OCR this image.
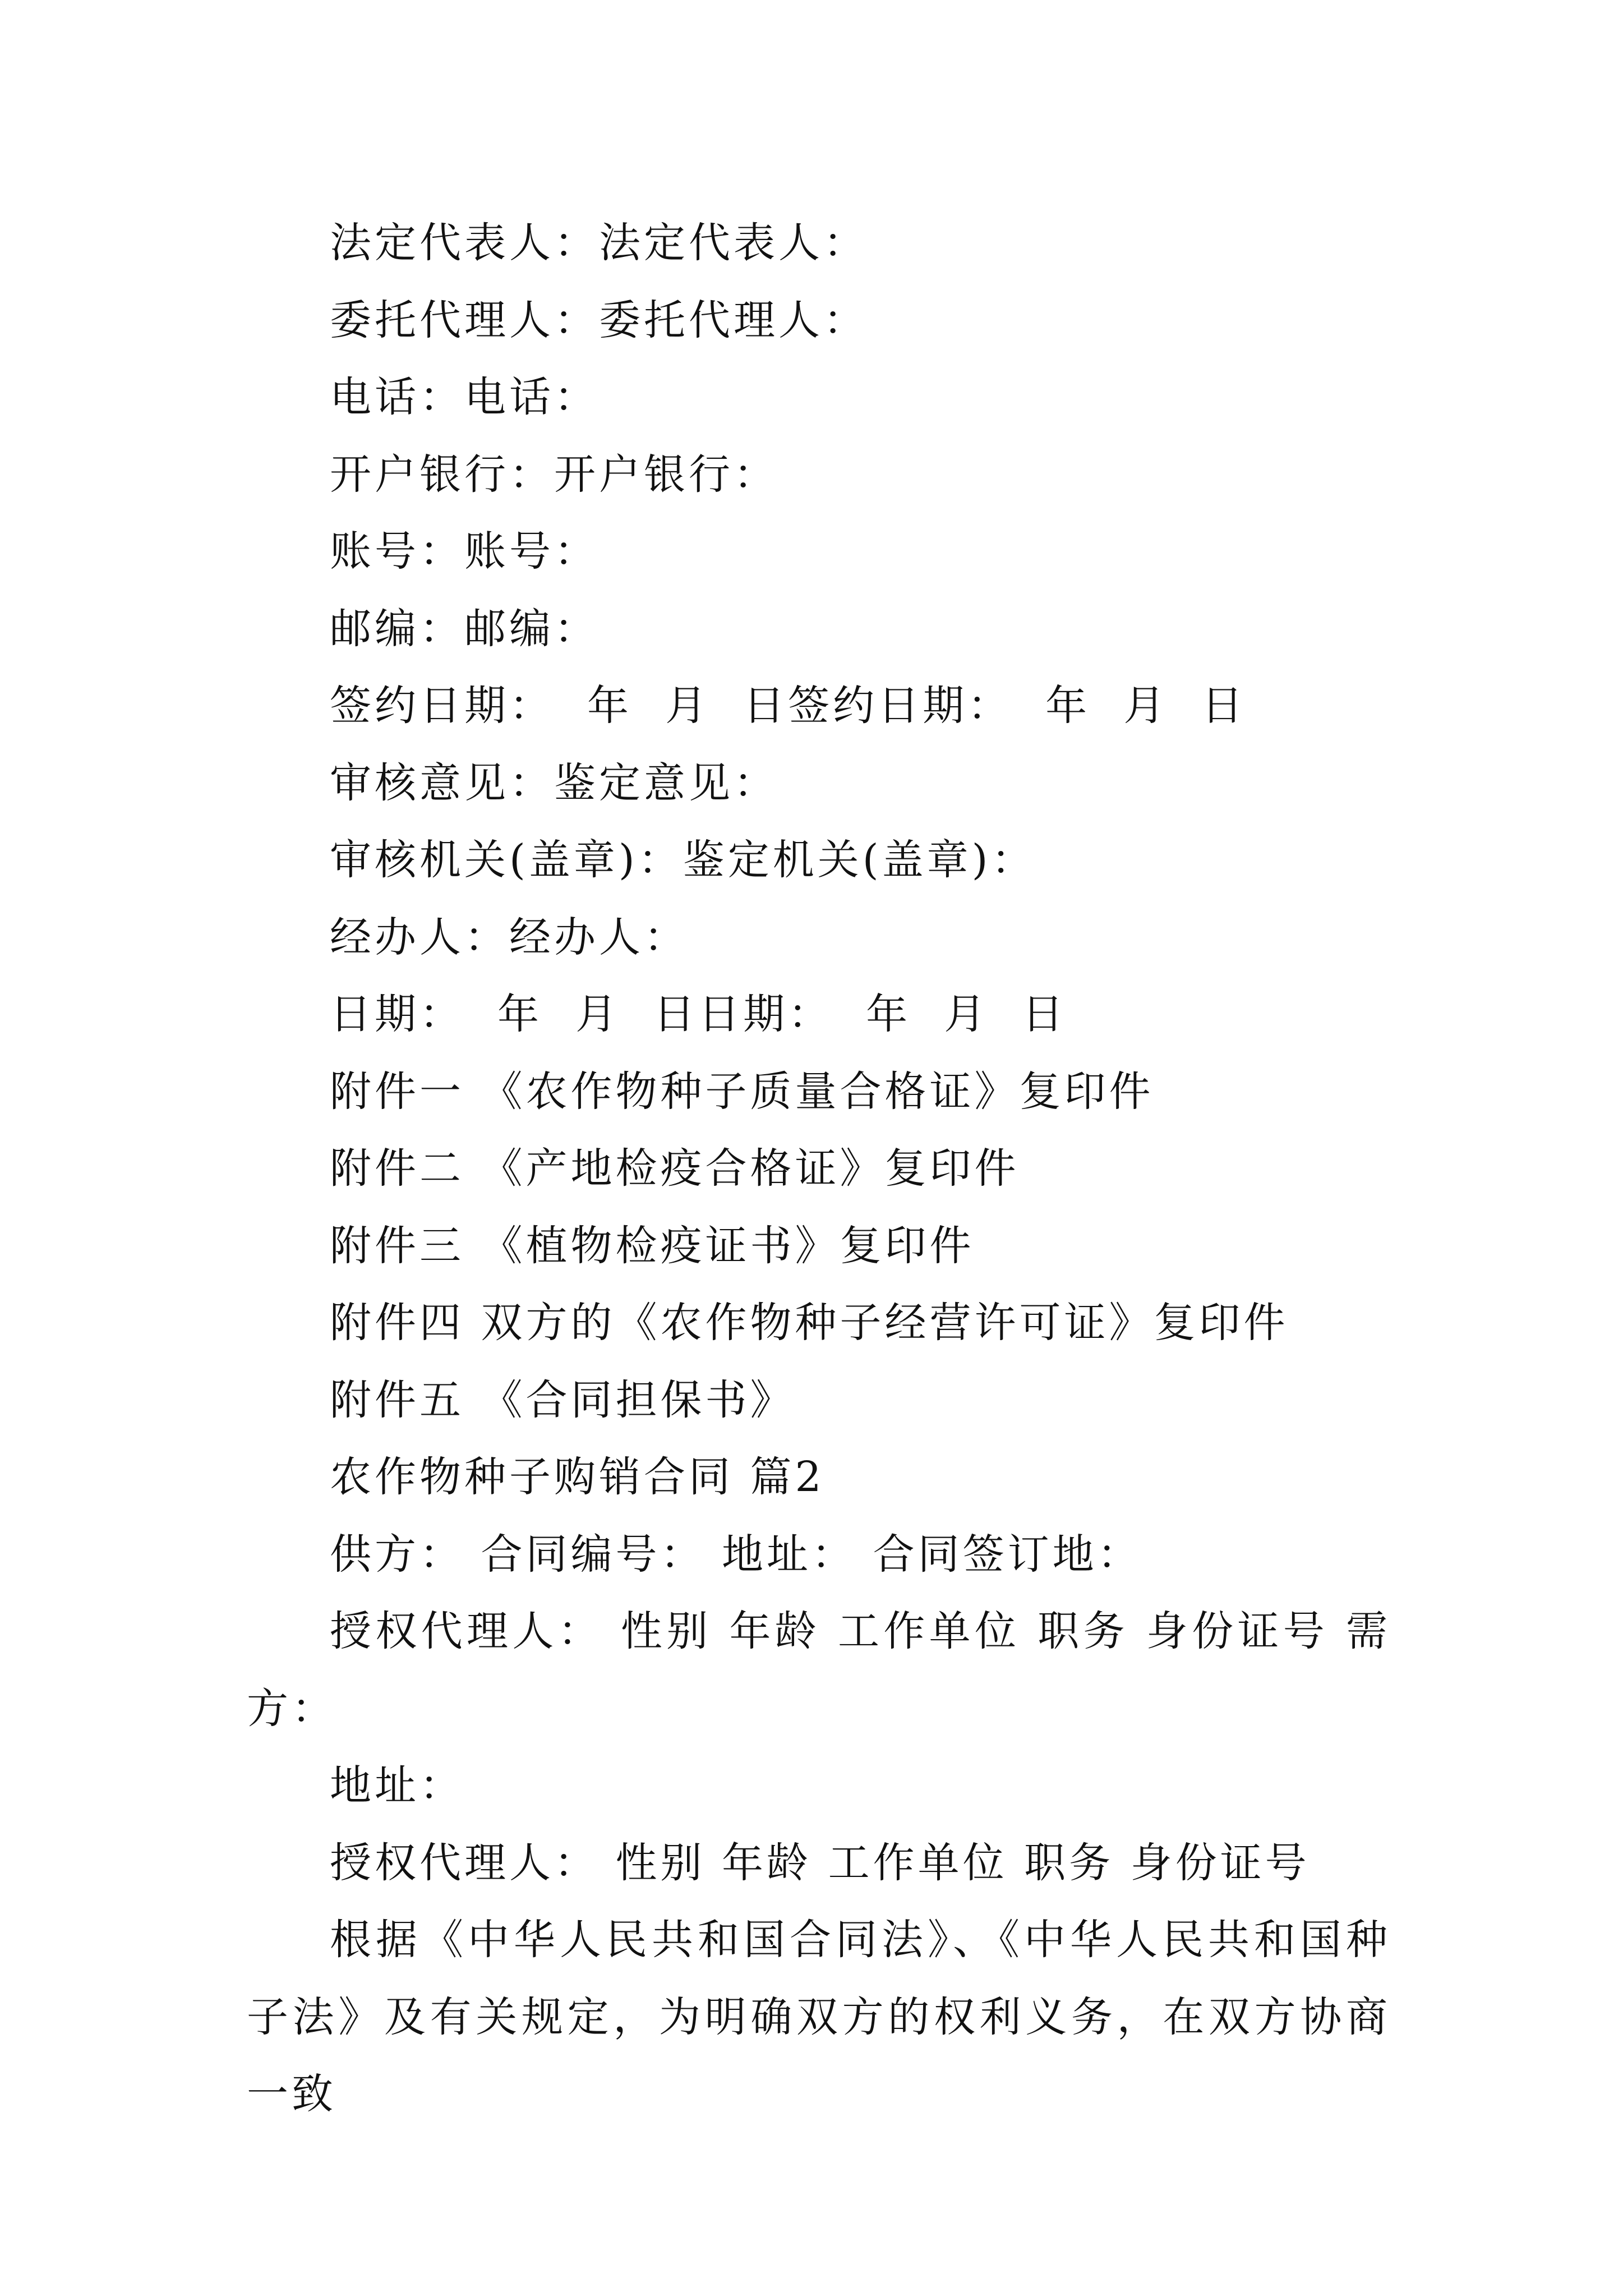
法定代表人：法定代表人：

委托代理人：委托代理人：

电话：电话：

开户银行：开户银行：

账号：账号：

邮编：邮编：

签约日期：  年  月  日签约日期：  年  月  日

审核意见：鉴定意见：

审核机关(盖章)：鉴定机关(盖章)：

经办人：经办人：

日期：  年  月  日日期：  年  月  日

附件一 《农作物种子质量合格证》复印件

附件二 《产地检疫合格证》复印件

附件三 《植物检疫证书》复印件

附件四 双方的《农作物种子经营许可证》复印件

附件五 《合同担保书》

农作物种子购销合同 篇2

供方： 合同编号： 地址： 合同签订地：

授权代理人： 性别 年龄 工作单位 职务 身份证号 需方：

地址：

授权代理人： 性别 年龄 工作单位 职务 身份证号

根据《中华人民共和国合同法》、《中华人民共和国种子法》及有关规定，为明确双方的权利义务，在双方协商一致
